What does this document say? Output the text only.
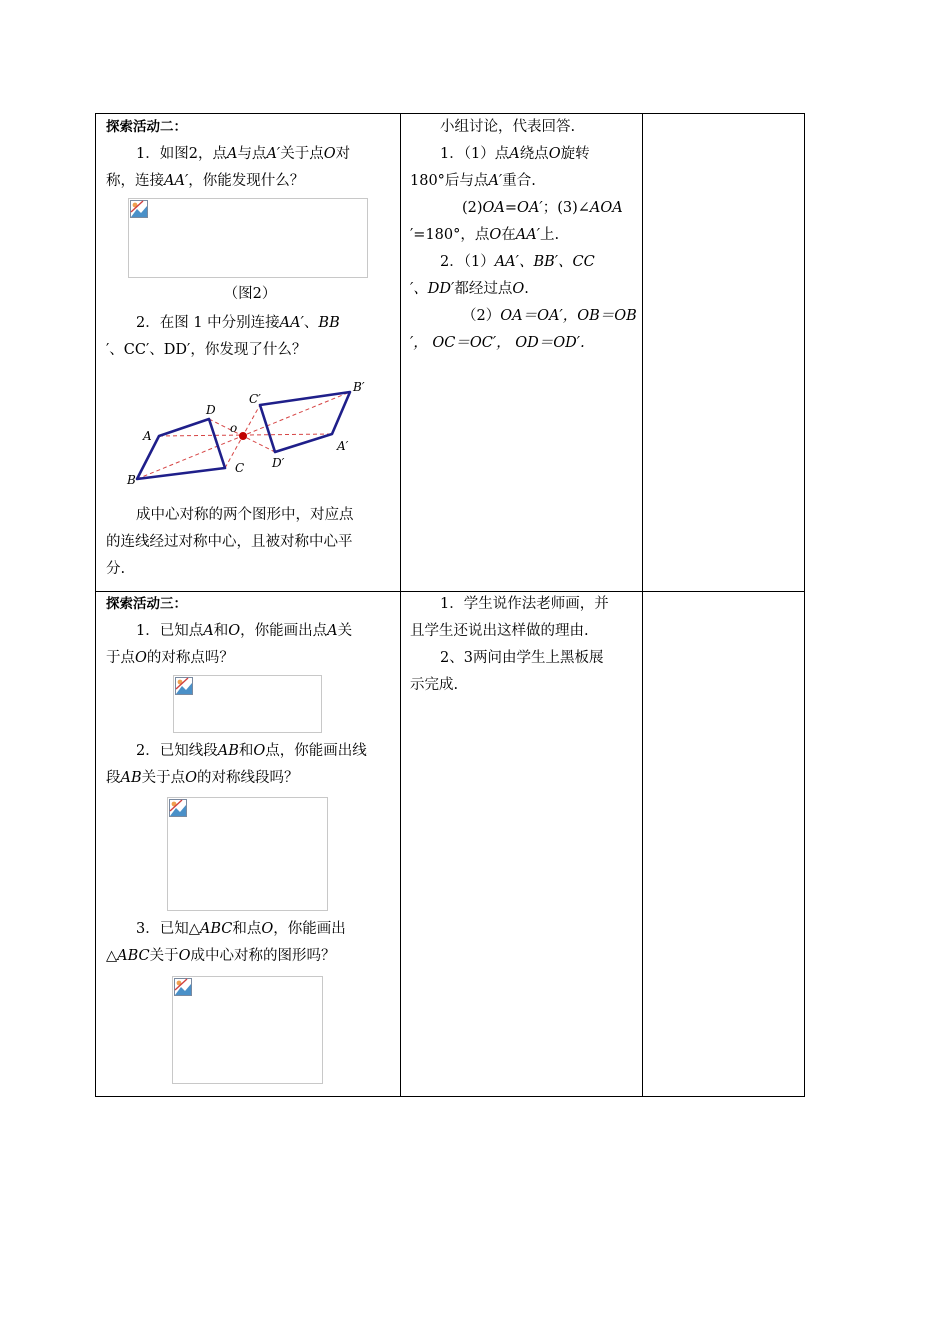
探索活动二：

1．如图2，点A与点A′关于点O对

称，连接AA′，你能发现什么？

（图2）

2．在图 1 中分别连接AA′、BB

′、CC′、DD′，你发现了什么？

A
B
C
D
o
A′
B′
C′
D′

成中心对称的两个图形中，对应点

的连线经过对称中心，且被对称中心平

分.

小组讨论，代表回答.

1．（1）点A绕点O旋转

180°后与点A′重合.

(2)OA=OA′；(3)∠AOA

′=180°，点O在AA′上.

2．（1）AA′、BB′、CC

′、DD′都经过点O.

（2）OA＝OA′，OB＝OB

′， OC＝OC′， OD＝OD′.

探索活动三：

1．已知点A和O，你能画出点A关

于点O的对称点吗？

2．已知线段AB和O点，你能画出线

段AB关于点O的对称线段吗？

3．已知△ABC和点O，你能画出

△ABC关于O成中心对称的图形吗？

1．学生说作法老师画，并

且学生还说出这样做的理由.

2、3两问由学生上黑板展

示完成.
